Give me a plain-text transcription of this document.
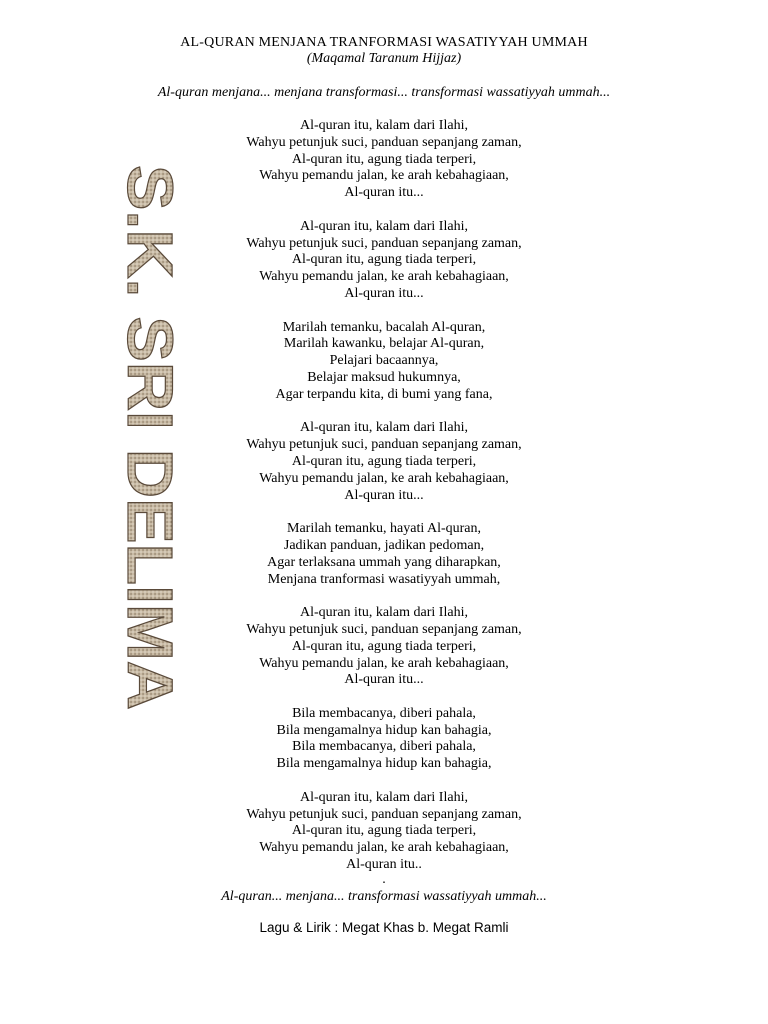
AL-QURAN MENJANA TRANFORMASI WASATIYYAH UMMAH
(Maqamal Taranum Hijjaz)
Al-quran menjana... menjana transformasi... transformasi wassatiyyah ummah...
Al-quran itu, kalam dari Ilahi,
Wahyu petunjuk suci, panduan sepanjang zaman,
Al-quran itu, agung tiada terperi,
Wahyu pemandu jalan, ke arah kebahagiaan,
Al-quran itu...
Al-quran itu, kalam dari Ilahi,
Wahyu petunjuk suci, panduan sepanjang zaman,
Al-quran itu, agung tiada terperi,
Wahyu pemandu jalan, ke arah kebahagiaan,
Al-quran itu...
Marilah temanku, bacalah Al-quran,
Marilah kawanku, belajar Al-quran,
Pelajari bacaannya,
Belajar maksud hukumnya,
Agar terpandu kita, di bumi yang fana,
Al-quran itu, kalam dari Ilahi,
Wahyu petunjuk suci, panduan sepanjang zaman,
Al-quran itu, agung tiada terperi,
Wahyu pemandu jalan, ke arah kebahagiaan,
Al-quran itu...
Marilah temanku, hayati Al-quran,
Jadikan panduan, jadikan pedoman,
Agar terlaksana ummah yang diharapkan,
Menjana tranformasi wasatiyyah ummah,
Al-quran itu, kalam dari Ilahi,
Wahyu petunjuk suci, panduan sepanjang zaman,
Al-quran itu, agung tiada terperi,
Wahyu pemandu jalan, ke arah kebahagiaan,
Al-quran itu...
Bila membacanya, diberi pahala,
Bila mengamalnya hidup kan bahagia,
Bila membacanya, diberi pahala,
Bila mengamalnya hidup kan bahagia,
Al-quran itu, kalam dari Ilahi,
Wahyu petunjuk suci, panduan sepanjang zaman,
Al-quran itu, agung tiada terperi,
Wahyu pemandu jalan, ke arah kebahagiaan,
Al-quran itu..
.
Al-quran... menjana... transformasi wassatiyyah ummah...
Lagu & Lirik : Megat Khas b. Megat Ramli
S.K. SRI DELIMA
